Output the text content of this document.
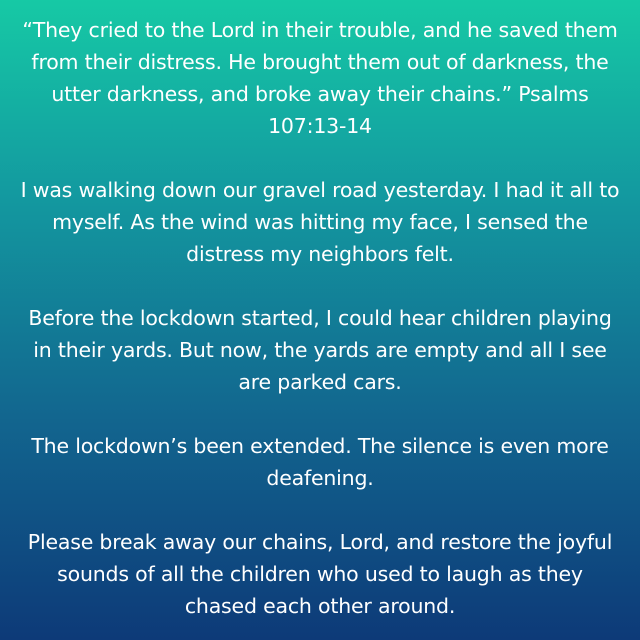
“They cried to the Lord in their trouble, and he saved them from their distress. He brought them out of darkness, the utter darkness, and broke away their chains.” Psalms 107:13-14

I was walking down our gravel road yesterday. I had it all to myself. As the wind was hitting my face, I sensed the distress my neighbors felt.

Before the lockdown started, I could hear children playing in their yards. But now, the yards are empty and all I see are parked cars.

The lockdown’s been extended. The silence is even more deafening.

Please break away our chains, Lord, and restore the joyful sounds of all the children who used to laugh as they chased each other around.
